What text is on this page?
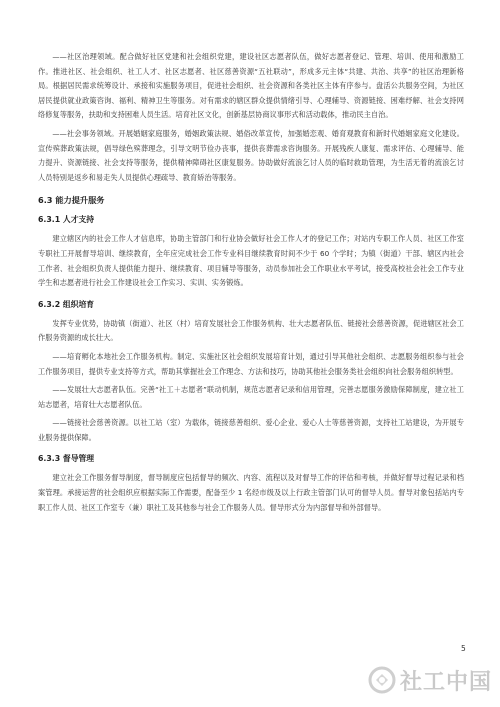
——社区治理领域。配合做好社区党建和社会组织党建，建设社区志愿者队伍，做好志愿者登记、管理、培训、使用和激励工作。推进社区、社会组织、社工人才、社区志愿者、社区慈善资源“五社联动”，形成多元主体“共建、共治、共享”的社区治理新格局。根据居民需求统筹设计、承接和实施服务项目，促进社会组织、社会资源和各类社区主体有序参与。盘活公共服务空间，为社区居民提供就业政策咨询、福利、精神卫生等服务。对有需求的辖区群众提供情绪引导、心理辅导、资源链接、困难纾解、社会支持网络修复等服务，扶助和支持困难人员生活。培育社区文化，创新基层协商议事形式和活动载体，推动民主自治。

——社会事务领域。开展婚姻家庭服务，婚姻政策法规、婚俗改革宣传，加强婚恋观、婚育观教育和新时代婚姻家庭文化建设。宣传殡葬政策法规，倡导绿色殡葬理念，引导文明节俭办丧事，提供丧葬需求咨询服务。开展残疾人康复、需求评估、心理辅导、能力提升、资源链接、社会支持等服务，提供精神障碍社区康复服务。协助做好流浪乞讨人员的临时救助管理，为生活无着的流浪乞讨人员特别是返乡和易走失人员提供心理疏导、教育矫治等服务。

6.3 能力提升服务
6.3.1 人才支持

建立辖区内的社会工作人才信息库，协助主管部门和行业协会做好社会工作人才的登记工作；对站内专职工作人员、社区工作室专职社工开展督导培训、继续教育，全年应完成社会工作专业科目继续教育时间不少于 60 个学时；为镇（街道）干部、辖区内社会工作者、社会组织负责人提供能力提升、继续教育、项目辅导等服务，动员参加社会工作职业水平考试，接受高校社会社会工作专业学生和志愿者进行社会工作建设社会工作实习、实训、实务锻炼。

6.3.2 组织培育

发挥专业优势，协助镇（街道）、社区（村）培育发展社会工作服务机构、壮大志愿者队伍、链接社会慈善资源，促进辖区社会工作服务资源的成长壮大。

——培育孵化本地社会工作服务机构。制定、实施社区社会组织发展培育计划，通过引导其他社会组织、志愿服务组织参与社会工作服务项目，提供专业支持等方式，帮助其掌握社会工作理念、方法和技巧，协助其他社会服务类社会组织向社会服务组织转型。

——发展壮大志愿者队伍。完善“社工＋志愿者”联动机制，规范志愿者记录和信用管理，完善志愿服务激励保障制度，建立社工站志愿者，培育壮大志愿者队伍。

——链接社会慈善资源。以社工站（室）为载体，链接慈善组织、爱心企业、爱心人士等慈善资源，支持社工站建设，为开展专业服务提供保障。

6.3.3 督导管理

建立社会工作服务督导制度，督导制度应包括督导的频次、内容、流程以及对督导工作的评估和考核，并做好督导过程记录和档案管理。承接运营的社会组织应根据实际工作需要，配备至少 1 名经市级及以上行政主管部门认可的督导人员。督导对象包括站内专职工作人员、社区工作室专（兼）职社工及其他参与社会工作服务人员。督导形式分为内部督导和外部督导。

5
社工中国
